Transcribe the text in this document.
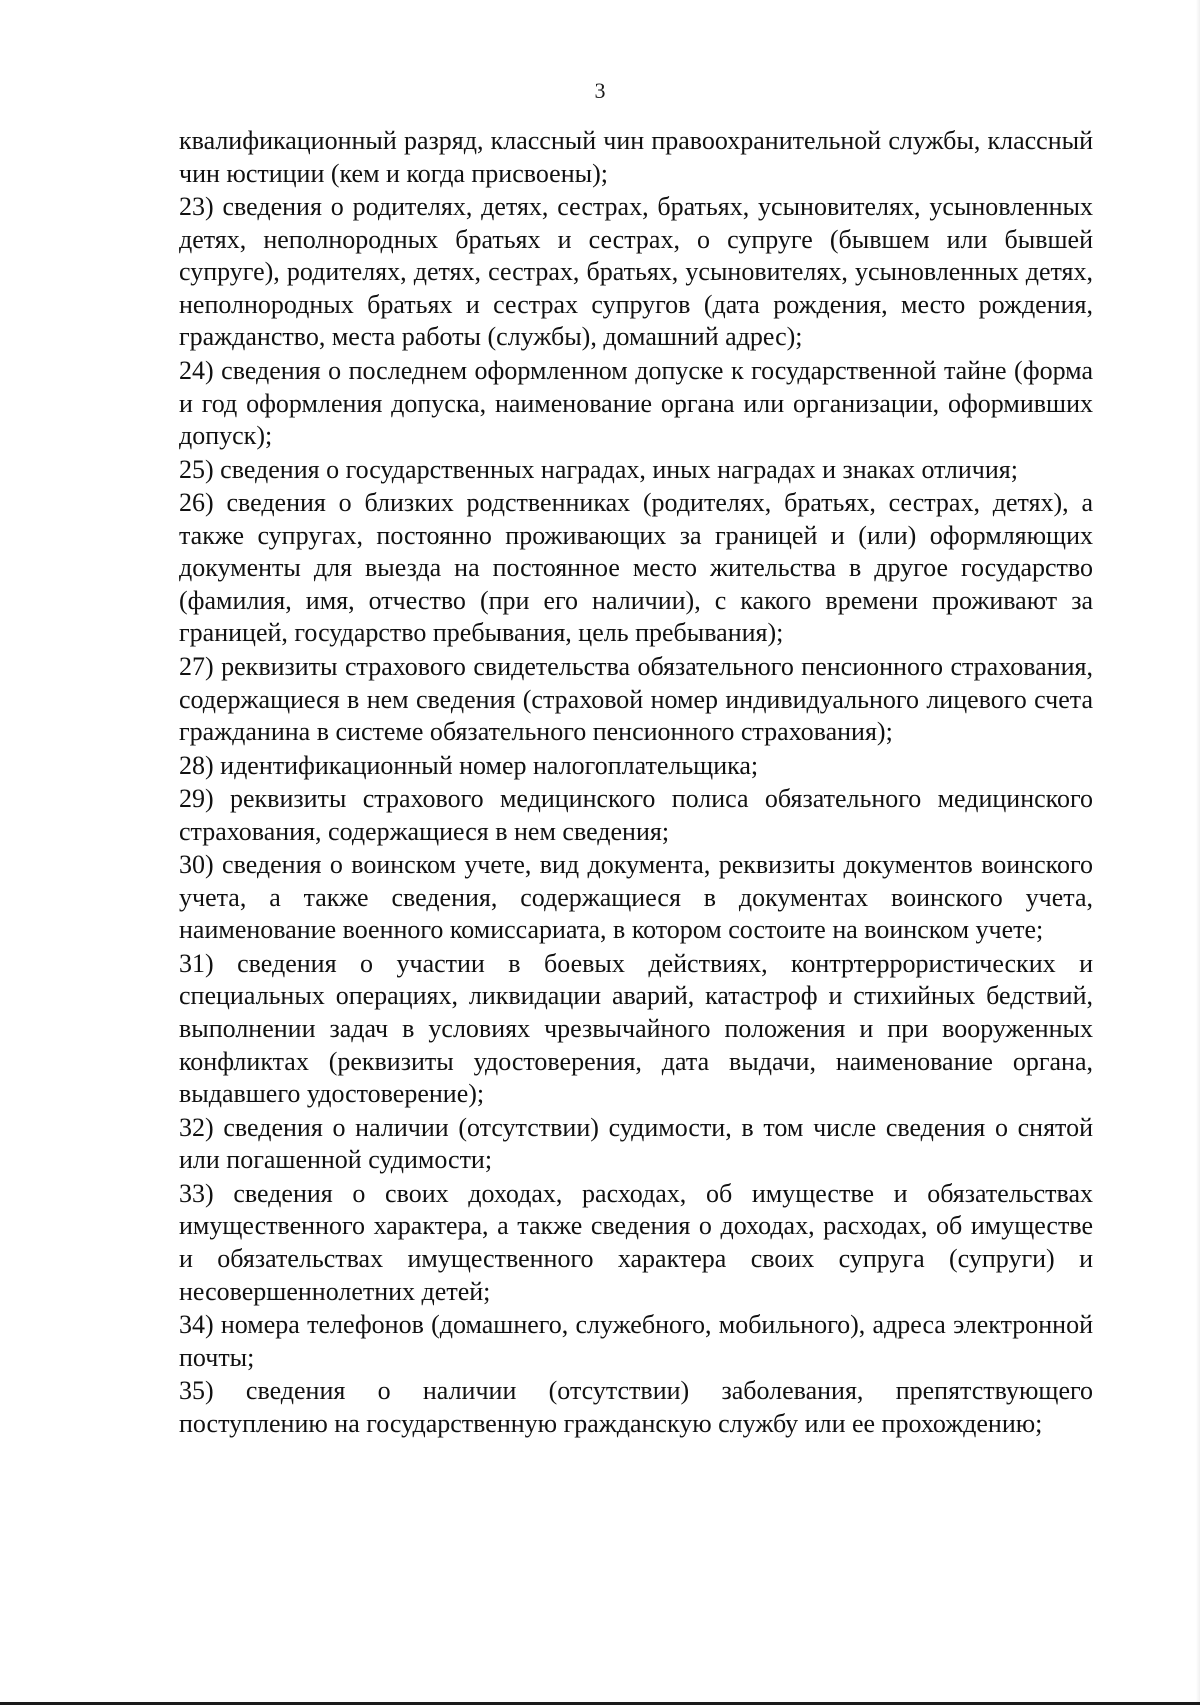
3

квалификационный разряд, классный чин правоохранительной службы, классный чин юстиции (кем и когда присвоены);

23) сведения о родителях, детях, сестрах, братьях, усыновителях, усыновленных детях, неполнородных братьях и сестрах, о супруге (бывшем или бывшей супруге), родителях, детях, сестрах, братьях, усыновителях, усыновленных детях, неполнородных братьях и сестрах супругов (дата рождения, место рождения, гражданство, места работы (службы), домашний адрес);

24) сведения о последнем оформленном допуске к государственной тайне (форма и год оформления допуска, наименование органа или организации, оформивших допуск);

25) сведения о государственных наградах, иных наградах и знаках отличия;

26) сведения о близких родственниках (родителях, братьях, сестрах, детях), а также супругах, постоянно проживающих за границей и (или) оформляющих документы для выезда на постоянное место жительства в другое государство (фамилия, имя, отчество (при его наличии), с какого времени проживают за границей, государство пребывания, цель пребывания);

27) реквизиты страхового свидетельства обязательного пенсионного страхования, содержащиеся в нем сведения (страховой номер индивидуального лицевого счета гражданина в системе обязательного пенсионного страхования);

28) идентификационный номер налогоплательщика;

29) реквизиты страхового медицинского полиса обязательного медицинского страхования, содержащиеся в нем сведения;

30) сведения о воинском учете, вид документа, реквизиты документов воинского учета, а также сведения, содержащиеся в документах воинского учета, наименование военного комиссариата, в котором состоите на воинском учете;

31) сведения о участии в боевых действиях, контртеррористических и специальных операциях, ликвидации аварий, катастроф и стихийных бедствий, выполнении задач в условиях чрезвычайного положения и при вооруженных конфликтах (реквизиты удостоверения, дата выдачи, наименование органа, выдавшего удостоверение);

32) сведения о наличии (отсутствии) судимости, в том числе сведения о снятой или погашенной судимости;

33) сведения о своих доходах, расходах, об имуществе и обязательствах имущественного характера, а также сведения о доходах, расходах, об имуществе и обязательствах имущественного характера своих супруга (супруги) и несовершеннолетних детей;

34) номера телефонов (домашнего, служебного, мобильного), адреса электронной почты;

35) сведения о наличии (отсутствии) заболевания, препятствующего поступлению на государственную гражданскую службу или ее прохождению;
